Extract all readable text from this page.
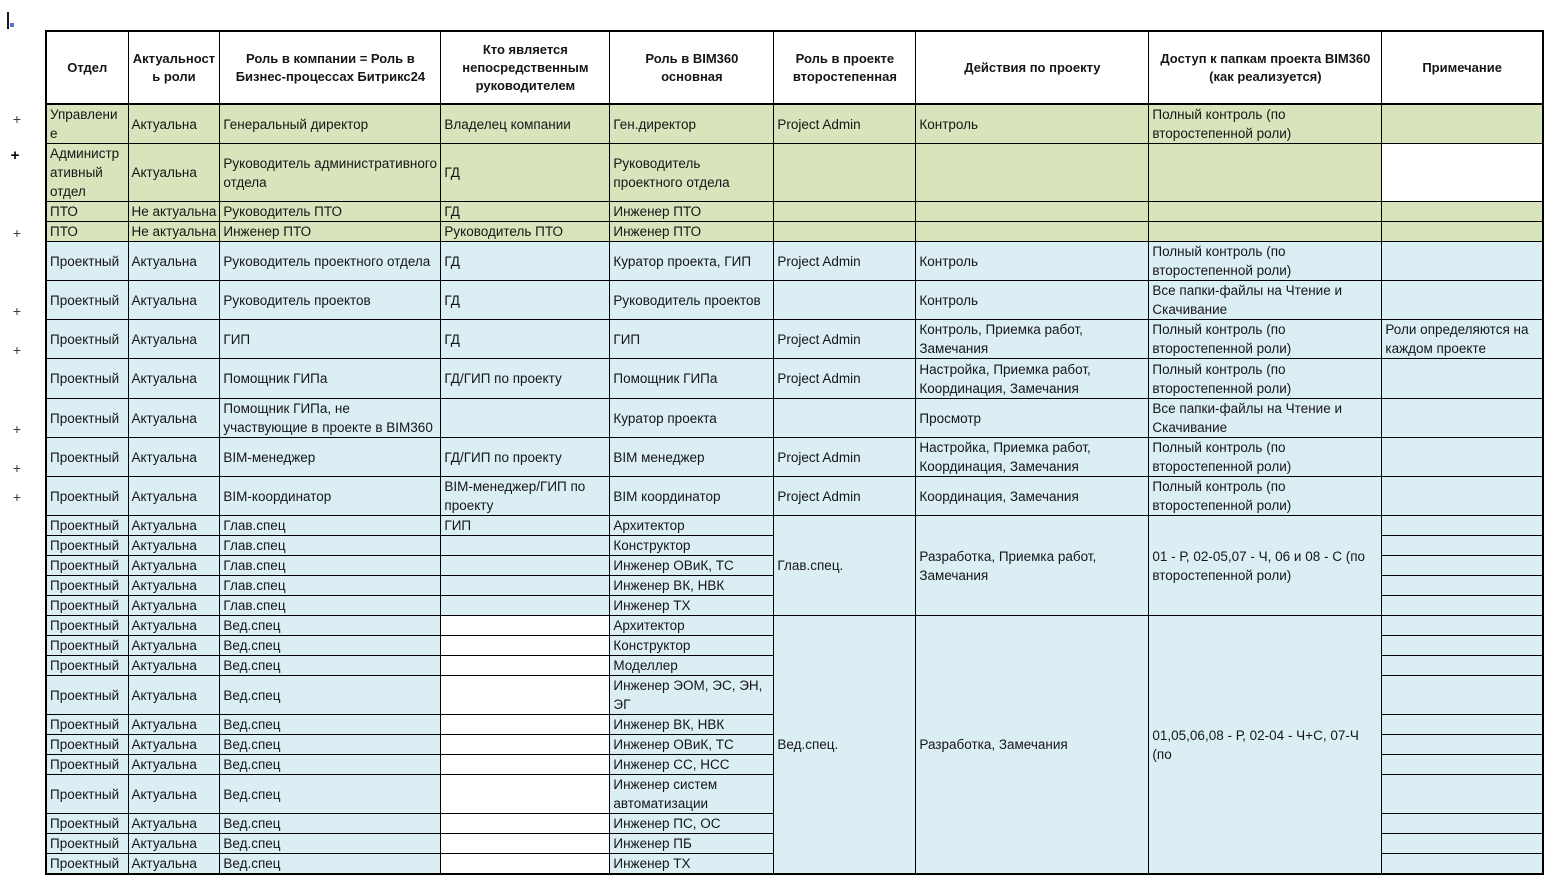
+
+
+
+
+
+
+
+
Отдел	Актуальность роли	Роль в компании = Роль в Бизнес-процессах Битрикс24	Кто является непосредственным руководителем	Роль в BIM360 основная	Роль в проекте второстепенная	Действия по проекту	Доступ к папкам проекта BIM360 (как реализуется)	Примечание
Управление	Актуальна	Генеральный директор	Владелец компании	Ген.директор	Project Admin	Контроль	Полный контроль (по второстепенной роли)	
Административный отдел	Актуальна	Руководитель административного отдела	ГД	Руководитель проектного отдела				
ПТО	Не актуальна	Руководитель ПТО	ГД	Инженер ПТО				
ПТО	Не актуальна	Инженер ПТО	Руководитель ПТО	Инженер ПТО				
Проектный	Актуальна	Руководитель проектного отдела	ГД	Куратор проекта, ГИП	Project Admin	Контроль	Полный контроль (по второстепенной роли)	
Проектный	Актуальна	Руководитель проектов	ГД	Руководитель проектов		Контроль	Все папки-файлы на Чтение и Скачивание	
Проектный	Актуальна	ГИП	ГД	ГИП	Project Admin	Контроль, Приемка работ, Замечания	Полный контроль (по второстепенной роли)	Роли определяются на каждом проекте
Проектный	Актуальна	Помощник ГИПа	ГД/ГИП по проекту	Помощник ГИПа	Project Admin	Настройка, Приемка работ, Координация, Замечания	Полный контроль (по второстепенной роли)	
Проектный	Актуальна	Помощник ГИПа, не участвующие в проекте в BIM360		Куратор проекта		Просмотр	Все папки-файлы на Чтение и Скачивание	
Проектный	Актуальна	BIM-менеджер	ГД/ГИП по проекту	BIM менеджер	Project Admin	Настройка, Приемка работ, Координация, Замечания	Полный контроль (по второстепенной роли)	
Проектный	Актуальна	BIM-координатор	BIM-менеджер/ГИП по проекту	BIM координатор	Project Admin	Координация, Замечания	Полный контроль (по второстепенной роли)	
Проектный	Актуальна	Глав.спец	ГИП	Архитектор	Глав.спец.	Разработка, Приемка работ, Замечания	01 - Р, 02-05,07 - Ч, 06 и 08 - С (по второстепенной роли)	
Проектный	Актуальна	Глав.спец		Конструктор				
Проектный	Актуальна	Глав.спец		Инженер ОВиК, ТС				
Проектный	Актуальна	Глав.спец		Инженер ВК, НВК				
Проектный	Актуальна	Глав.спец		Инженер ТХ				
Проектный	Актуальна	Вед.спец		Архитектор	Вед.спец.	Разработка, Замечания	01,05,06,08 - Р, 02-04 - Ч+С, 07-Ч (по	
Проектный	Актуальна	Вед.спец		Конструктор				
Проектный	Актуальна	Вед.спец		Моделлер				
Проектный	Актуальна	Вед.спец		Инженер ЭОМ, ЭС, ЭН, ЭГ				
Проектный	Актуальна	Вед.спец		Инженер ВК, НВК				
Проектный	Актуальна	Вед.спец		Инженер ОВиК, ТС				
Проектный	Актуальна	Вед.спец		Инженер СС, НСС				
Проектный	Актуальна	Вед.спец		Инженер систем автоматизации				
Проектный	Актуальна	Вед.спец		Инженер ПС, ОС				
Проектный	Актуальна	Вед.спец		Инженер ПБ				
Проектный	Актуальна	Вед.спец		Инженер ТХ				
